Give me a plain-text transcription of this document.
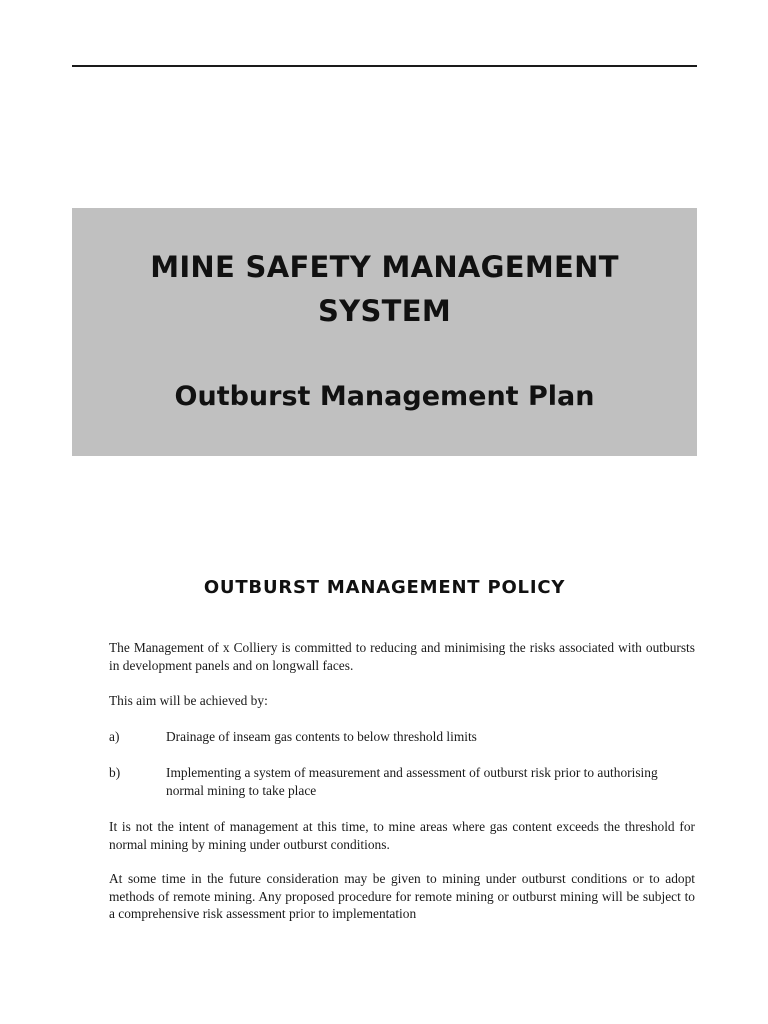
MINE SAFETY MANAGEMENT
SYSTEM
Outburst Management Plan
OUTBURST MANAGEMENT POLICY

The Management of x Colliery is committed to reducing and minimising the risks associated with outbursts in development panels and on longwall faces.

This aim will be achieved by:

a)	Drainage of inseam gas contents to below threshold limits

b)	Implementing a system of measurement and assessment of outburst risk prior to authorising normal mining to take place

It is not the intent of management at this time, to mine areas where gas content exceeds the threshold for normal mining by mining under outburst conditions.

At some time in the future consideration may be given to mining under outburst conditions or to adopt methods of remote mining. Any proposed procedure for remote mining or outburst mining will be subject to a comprehensive risk assessment prior to implementation
